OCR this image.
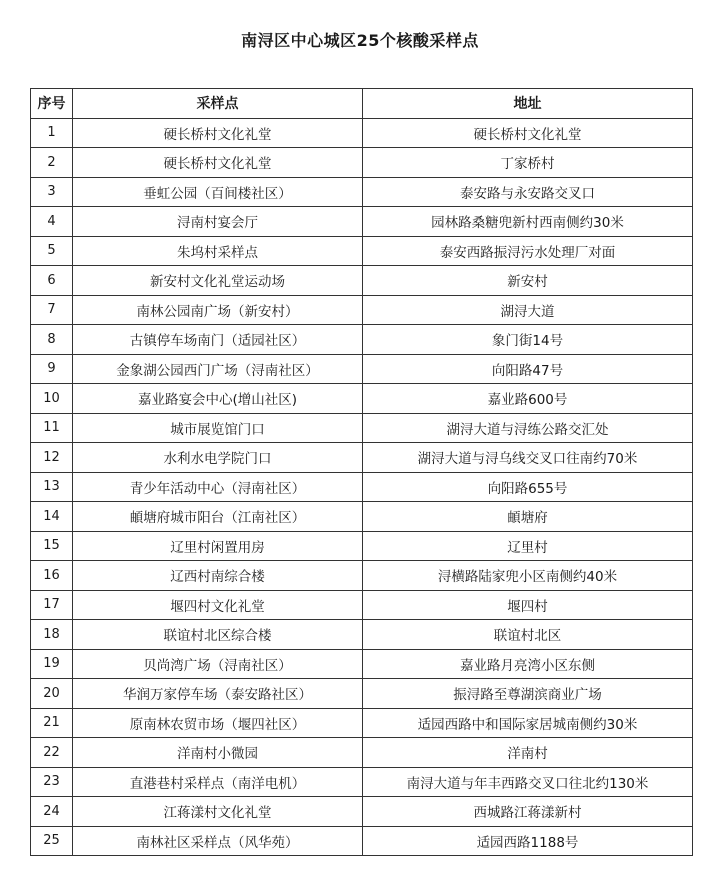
南浔区中心城区25个核酸采样点
序号	采样点	地址
1	硬长桥村文化礼堂	硬长桥村文化礼堂
2	硬长桥村文化礼堂	丁家桥村
3	垂虹公园（百间楼社区）	泰安路与永安路交叉口
4	浔南村宴会厅	园林路桑糖兜新村西南侧约30米
5	朱坞村采样点	泰安西路振浔污水处理厂对面
6	新安村文化礼堂运动场	新安村
7	南林公园南广场（新安村）	湖浔大道
8	古镇停车场南门（适园社区）	象门街14号
9	金象湖公园西门广场（浔南社区）	向阳路47号
10	嘉业路宴会中心(增山社区)	嘉业路600号
11	城市展览馆门口	湖浔大道与浔练公路交汇处
12	水利水电学院门口	湖浔大道与浔乌线交叉口往南约70米
13	青少年活动中心（浔南社区）	向阳路655号
14	頔塘府城市阳台（江南社区）	頔塘府
15	辽里村闲置用房	辽里村
16	辽西村南综合楼	浔横路陆家兜小区南侧约40米
17	堰四村文化礼堂	堰四村
18	联谊村北区综合楼	联谊村北区
19	贝尚湾广场（浔南社区）	嘉业路月亮湾小区东侧
20	华润万家停车场（泰安路社区）	振浔路至尊湖滨商业广场
21	原南林农贸市场（堰四社区）	适园西路中和国际家居城南侧约30米
22	洋南村小微园	洋南村
23	直港巷村采样点（南洋电机）	南浔大道与年丰西路交叉口往北约130米
24	江蒋漾村文化礼堂	西城路江蒋漾新村
25	南林社区采样点（风华苑）	适园西路1188号
